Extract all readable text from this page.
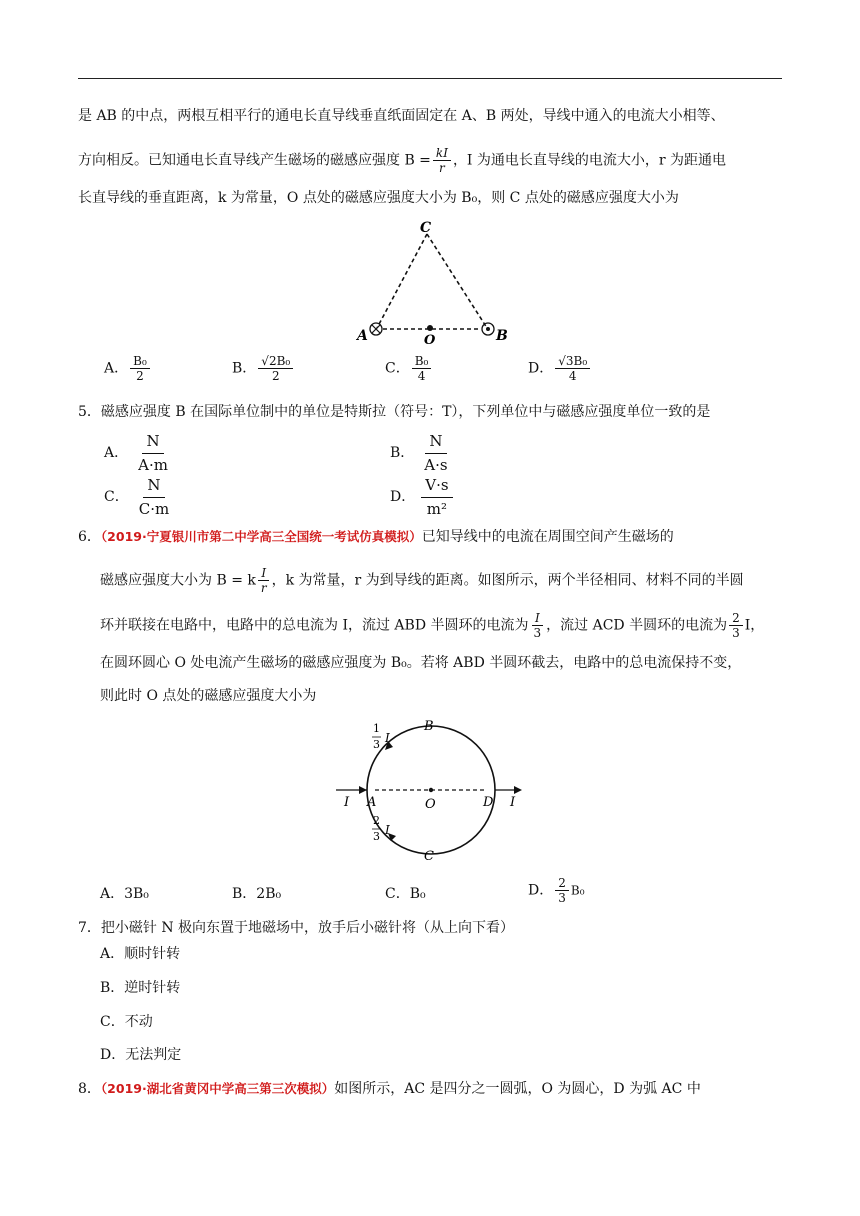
是 AB 的中点，两根互相平行的通电长直导线垂直纸面固定在 A、B 两处，导线中通入的电流大小相等、
方向相反。已知通电长直导线产生磁场的磁感应强度 $B = \frac{kI}{r}$ ，I 为通电长直导线的电流大小，r 为距通电
长直导线的垂直距离，k 为常量，O 点处的磁感应强度大小为 B₀，则 C 点处的磁感应强度大小为
C
A	B
O
A． $\frac{\text{B₀}}{2}$	B． $\frac{\text{√2B₀}}{2}$	C． $\frac{\text{B₀}}{4}$	D． $\frac{\text{√3B₀}}{4}$
5．磁感应强度 B 在国际单位制中的单位是特斯拉（符号：T），下列单位中与磁感应强度单位一致的是
A． $\frac{N}{A\cdot m}$	B． $\frac{N}{A\cdot s}$
C． $\frac{N}{C\cdot m}$	D． $\frac{V\cdot s}{\text{m²}}$
6．（2019·宁夏银川市第二中学高三全国统一考试仿真模拟）已知导线中的电流在周围空间产生磁场的
磁感应强度大小为 B = k $\frac{I}{r}$ ，k 为常量，r 为到导线的距离。如图所示，两个半径相同、材料不同的半圆
环并联接在电路中，电路中的总电流为 I，流过 ABD 半圆环的电流为 $\frac{I}{3}$ ，流过 ACD 半圆环的电流为 $\frac{2}{3}$ I，
在圆环圆心 O 处电流产生磁场的磁感应强度为 B₀。若将 ABD 半圆环截去，电路中的总电流保持不变，
则此时 O 点处的磁感应强度大小为
B
C
A	D
O
I	I
1
3 I
2
3 I
A．3B₀	B．2B₀	C．B₀	D． $\frac{2}{3} B_0$
7．把小磁针 N 极向东置于地磁场中，放手后小磁针将（从上向下看）
A．顺时针转
B．逆时针转
C．不动
D．无法判定
8．（2019·湖北省黄冈中学高三第三次模拟）如图所示，AC 是四分之一圆弧，O 为圆心，D 为弧 AC 中
